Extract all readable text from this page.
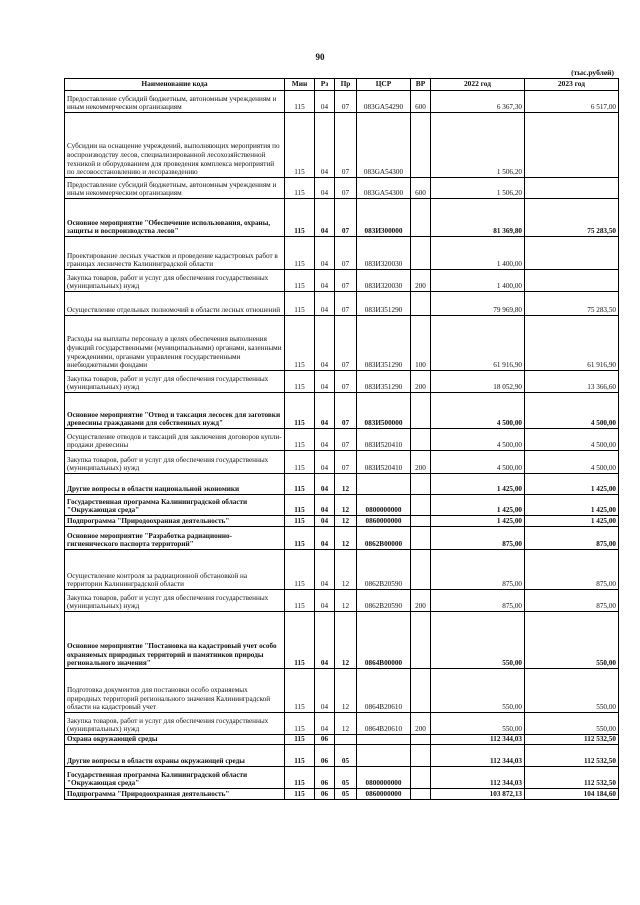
90
(тыс.рублей)
Наименование кода	Мин	Рз	Пр	ЦСР	ВР	2022 год	2023 год
Предоставление субсидий бюджетным, автономным учреждениям и иным некоммерческим организациям	115	04	07	083GA54290	600	6 367,30	6 517,00
Субсидии на оснащение учреждений, выполняющих мероприятия по воспроизводству лесов, специализированной лесохозяйственной техникой и оборудованием для проведения комплекса мероприятий по лесовосстановлению и лесоразведению	115	04	07	083GA54300		1 506,20	
Предоставление субсидий бюджетным, автономным учреждениям и иным некоммерческим организациям	115	04	07	083GA54300	600	1 506,20	
Основное мероприятие "Обеспечение использования, охраны, защиты и воспроизводства лесов"	115	04	07	083И300000		81 369,80	75 283,50
Проектирование лесных участков и проведение кадастровых работ в границах лесничеств Калининградской области	115	04	07	083И320030		1 400,00	
Закупка товаров, работ и услуг для обеспечения государственных (муниципальных) нужд	115	04	07	083И320030	200	1 400,00	
Осуществление отдельных полномочий в области лесных отношений	115	04	07	083И351290		79 969,80	75 283,50
Расходы на выплаты персоналу в целях обеспечения выполнения функций государственными (муниципальными) органами, казенными учреждениями, органами управления государственными внебюджетными фондами	115	04	07	083И351290	100	61 916,90	61 916,90
Закупка товаров, работ и услуг для обеспечения государственных (муниципальных) нужд	115	04	07	083И351290	200	18 052,90	13 366,60
Основное мероприятие "Отвод и таксация лесосек для заготовки древесины гражданами для собственных нужд"	115	04	07	083И500000		4 500,00	4 500,00
Осуществление отводов и таксаций для заключения договоров купли-продажи древесины	115	04	07	083И520410		4 500,00	4 500,00
Закупка товаров, работ и услуг для обеспечения государственных (муниципальных) нужд	115	04	07	083И520410	200	4 500,00	4 500,00
Другие вопросы в области национальной экономики	115	04	12			1 425,00	1 425,00
Государственная программа Калининградской области "Окружающая среда"	115	04	12	0800000000		1 425,00	1 425,00
Подпрограмма "Природоохранная деятельность"	115	04	12	0860000000		1 425,00	1 425,00
Основное мероприятие "Разработка радиационно-гигиенического паспорта территорий"	115	04	12	0862B00000		875,00	875,00
Осуществление контроля за радиационной обстановкой на территории Калининградской области	115	04	12	0862B20590		875,00	875,00
Закупка товаров, работ и услуг для обеспечения государственных (муниципальных) нужд	115	04	12	0862B20590	200	875,00	875,00
Основное мероприятие "Постановка на кадастровый учет особо охраняемых природных территорий и памятников природы регионального значения"	115	04	12	0864B00000		550,00	550,00
Подготовка документов для постановки особо охраняемых природных территорий регионального значения Калининградской области на кадастровый учет	115	04	12	0864B20610		550,00	550,00
Закупка товаров, работ и услуг для обеспечения государственных (муниципальных) нужд	115	04	12	0864B20610	200	550,00	550,00
Охрана окружающей среды	115	06				112 344,03	112 532,50
Другие вопросы в области охраны окружающей среды	115	06	05			112 344,03	112 532,50
Государственная программа Калининградской области "Окружающая среда"	115	06	05	0800000000		112 344,03	112 532,50
Подпрограмма "Природоохранная деятельность"	115	06	05	0860000000		103 872,13	104 184,60
